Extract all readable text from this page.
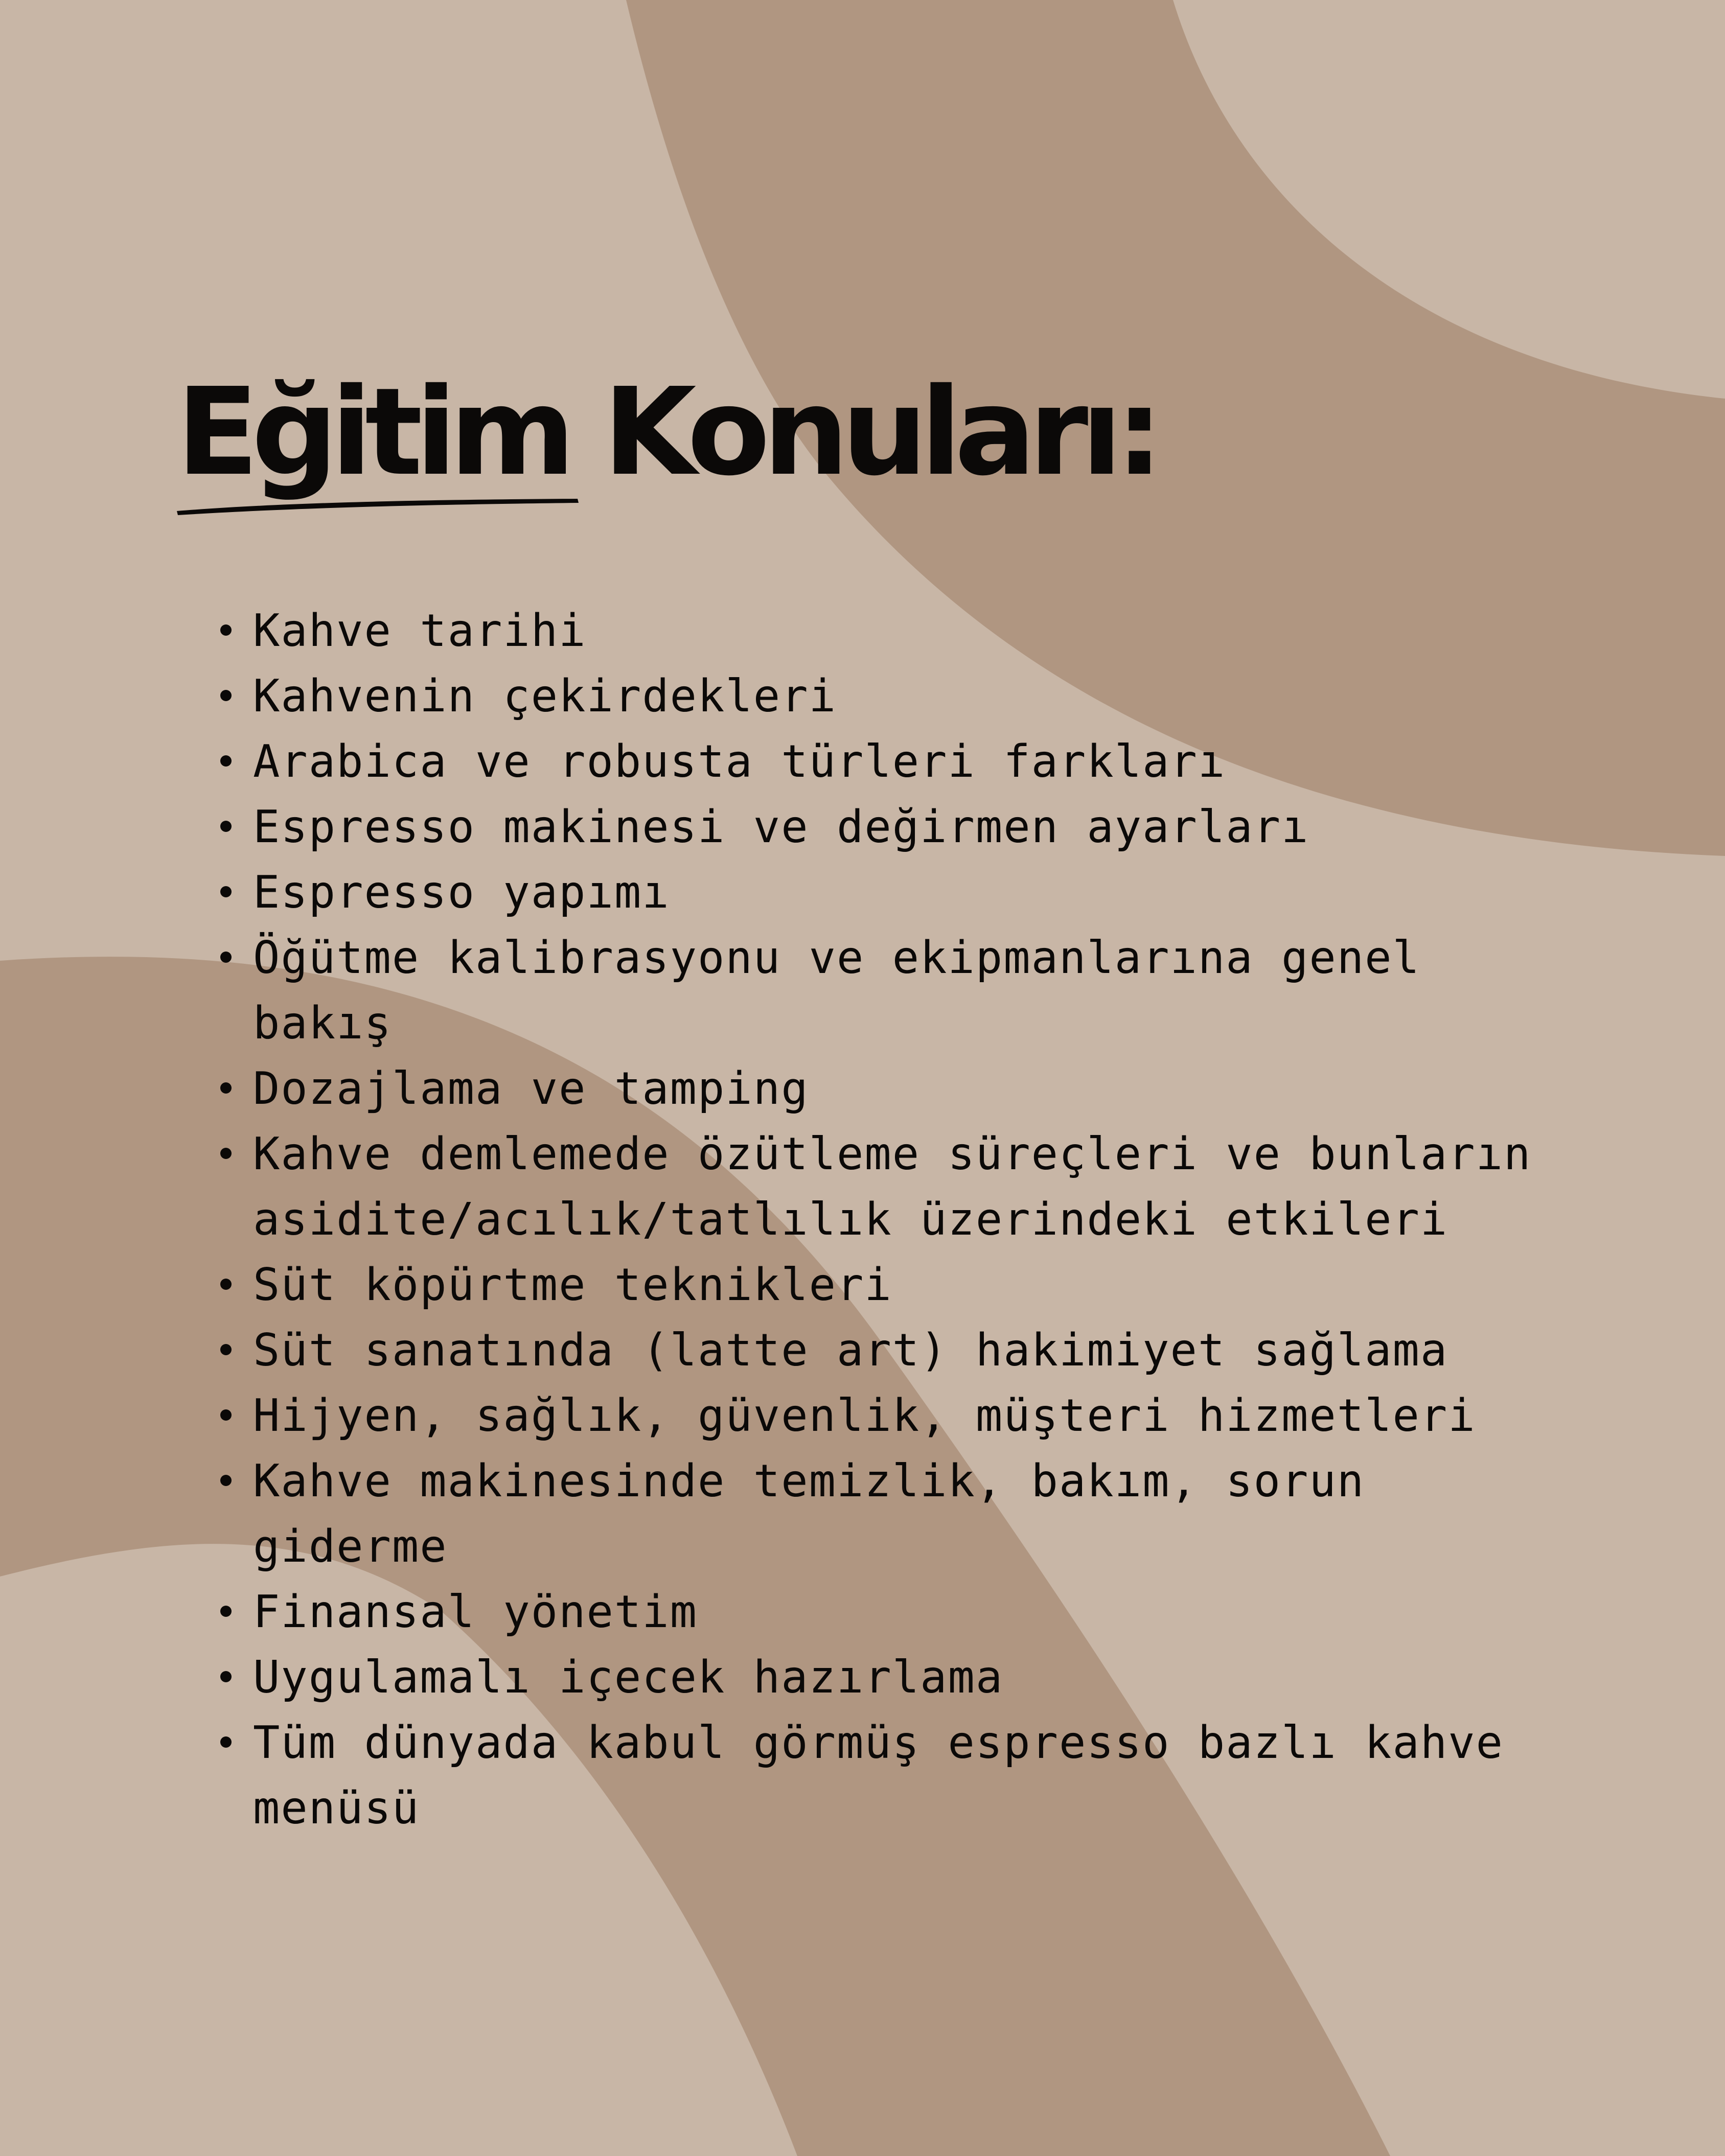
Eğitim Konuları:
Kahve tarihi
Kahvenin çekirdekleri
Arabica ve robusta türleri farkları
Espresso makinesi ve değirmen ayarları
Espresso yapımı
Öğütme kalibrasyonu ve ekipmanlarına genel bakış
Dozajlama ve tamping
Kahve demlemede özütleme süreçleri ve bunların asidite/acılık/tatlılık üzerindeki etkileri
Süt köpürtme teknikleri
Süt sanatında (latte art) hakimiyet sağlama
Hijyen, sağlık, güvenlik, müşteri hizmetleri
Kahve makinesinde temizlik, bakım, sorun giderme
Finansal yönetim
Uygulamalı içecek hazırlama
Tüm dünyada kabul görmüş espresso bazlı kahve menüsü
